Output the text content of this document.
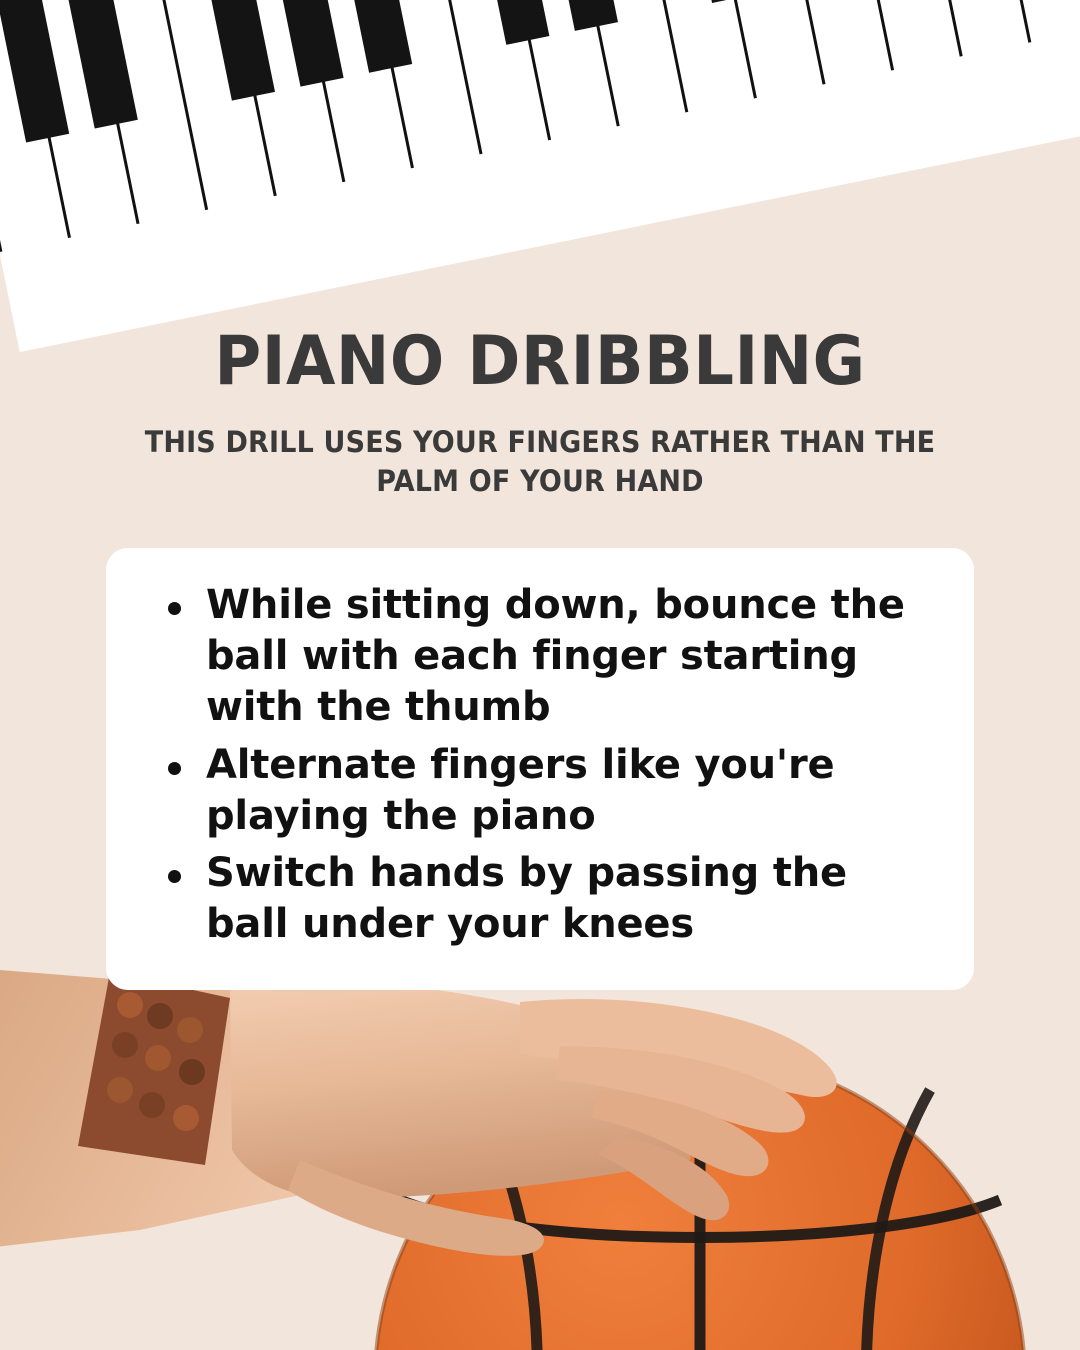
PIANO DRIBBLING

THIS DRILL USES YOUR FINGERS RATHER THAN THE PALM OF YOUR HAND

While sitting down, bounce the ball with each finger starting with the thumb
Alternate fingers like you're playing the piano
Switch hands by passing the ball under your knees
